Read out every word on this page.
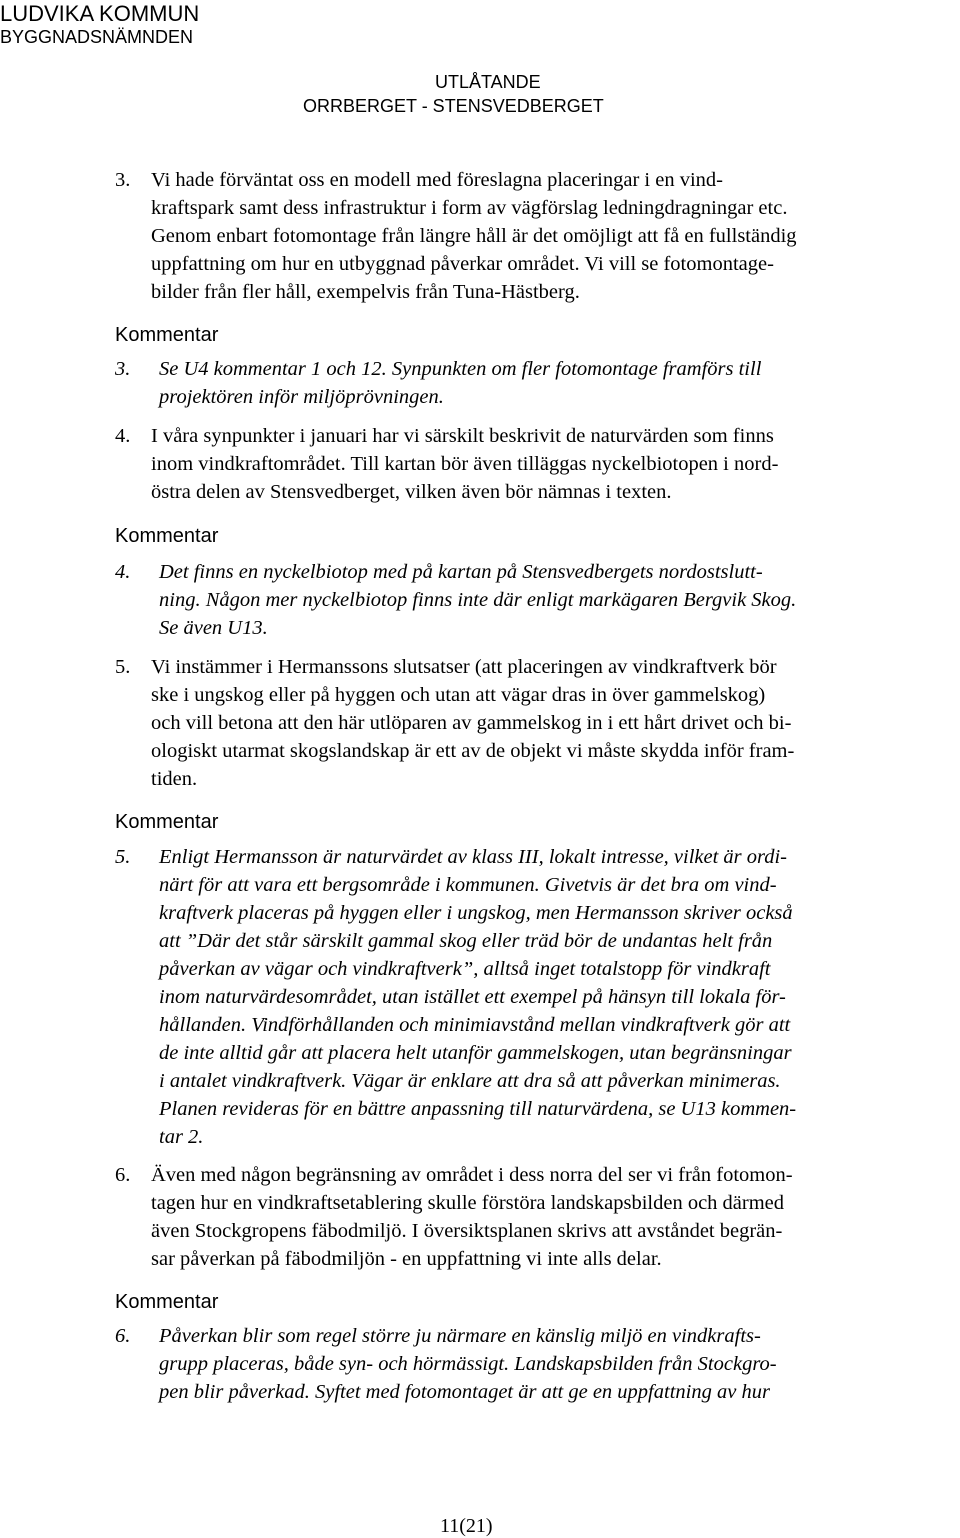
LUDVIKA KOMMUN
BYGGNADSNÄMNDEN
UTLÅTANDE
ORRBERGET - STENSVEDBERGET
3. Vi hade förväntat oss en modell med föreslagna placeringar i en vind-
kraftspark samt dess infrastruktur i form av vägförslag ledningdragningar etc.
Genom enbart fotomontage från längre håll är det omöjligt att få en fullständig
uppfattning om hur en utbyggnad påverkar området. Vi vill se fotomontage-
bilder från fler håll, exempelvis från Tuna-Hästberg.
Kommentar
3. Se U4 kommentar 1 och 12. Synpunkten om fler fotomontage framförs till
projektören inför miljöprövningen.
4. I våra synpunkter i januari har vi särskilt beskrivit de naturvärden som finns
inom vindkraftområdet. Till kartan bör även tilläggas nyckelbiotopen i nord-
östra delen av Stensvedberget, vilken även bör nämnas i texten.
Kommentar
4. Det finns en nyckelbiotop med på kartan på Stensvedbergets nordostslutt-
ning. Någon mer nyckelbiotop finns inte där enligt markägaren Bergvik Skog.
Se även U13.
5. Vi instämmer i Hermanssons slutsatser (att placeringen av vindkraftverk bör
ske i ungskog eller på hyggen och utan att vägar dras in över gammelskog)
och vill betona att den här utlöparen av gammelskog in i ett hårt drivet och bi-
ologiskt utarmat skogslandskap är ett av de objekt vi måste skydda inför fram-
tiden.
Kommentar
5. Enligt Hermansson är naturvärdet av klass III, lokalt intresse, vilket är ordi-
närt för att vara ett bergsområde i kommunen. Givetvis är det bra om vind-
kraftverk placeras på hyggen eller i ungskog, men Hermansson skriver också
att ”Där det står särskilt gammal skog eller träd bör de undantas helt från
påverkan av vägar och vindkraftverk”, alltså inget totalstopp för vindkraft
inom naturvärdesområdet, utan istället ett exempel på hänsyn till lokala för-
hållanden. Vindförhållanden och minimiavstånd mellan vindkraftverk gör att
de inte alltid går att placera helt utanför gammelskogen, utan begränsningar
i antalet vindkraftverk. Vägar är enklare att dra så att påverkan minimeras.
Planen revideras för en bättre anpassning till naturvärdena, se U13 kommen-
tar 2.
6. Även med någon begränsning av området i dess norra del ser vi från fotomon-
tagen hur en vindkraftsetablering skulle förstöra landskapsbilden och därmed
även Stockgropens fäbodmiljö. I översiktsplanen skrivs att avståndet begrän-
sar påverkan på fäbodmiljön - en uppfattning vi inte alls delar.
Kommentar
6. Påverkan blir som regel större ju närmare en känslig miljö en vindkrafts-
grupp placeras, både syn- och hörmässigt. Landskapsbilden från Stockgro-
pen blir påverkad. Syftet med fotomontaget är att ge en uppfattning av hur
11(21)
